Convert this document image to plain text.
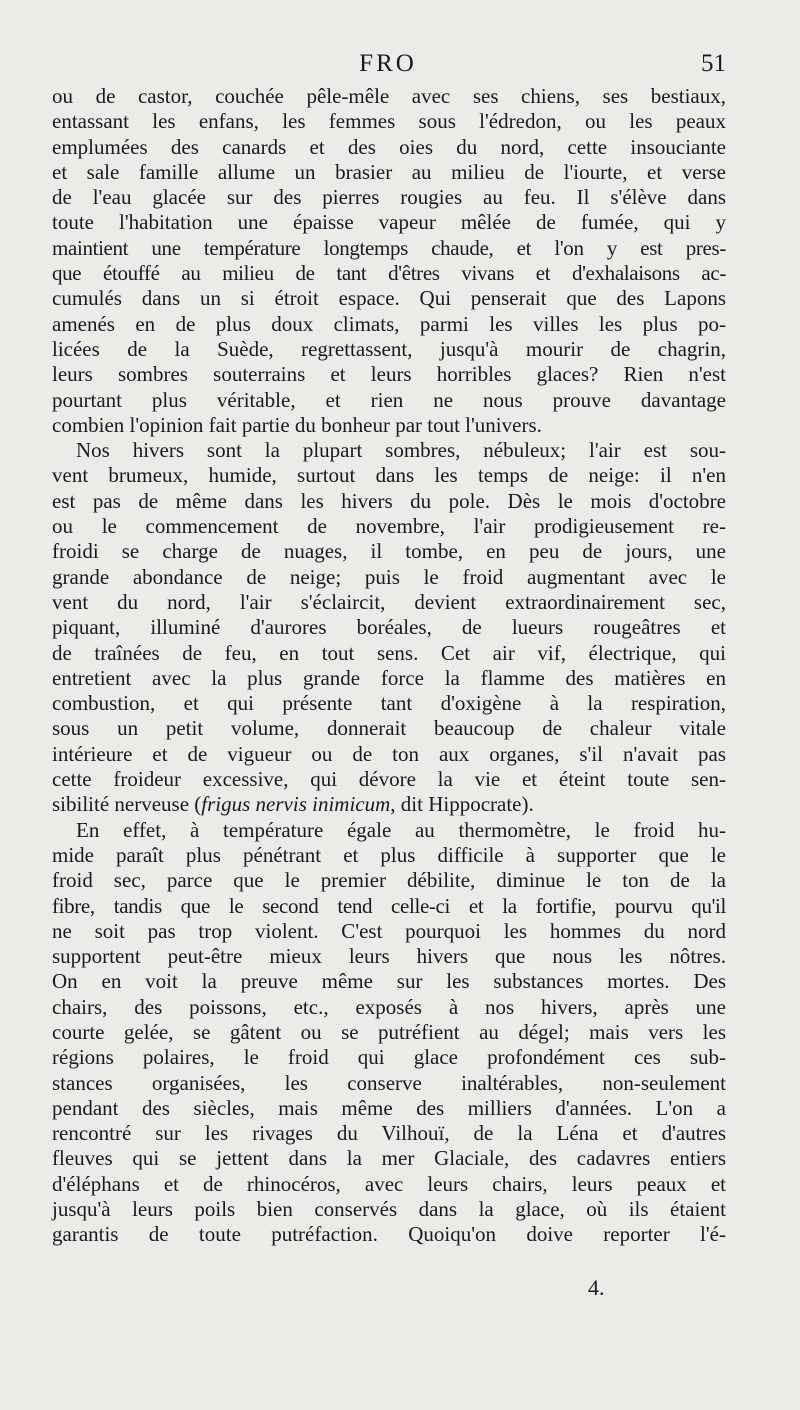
FRO	51
ou de castor, couchée pêle-mêle avec ses chiens, ses bestiaux,
entassant les enfans, les femmes sous l'édredon, ou les peaux
emplumées des canards et des oies du nord, cette insouciante
et sale famille allume un brasier au milieu de l'iourte, et verse
de l'eau glacée sur des pierres rougies au feu. Il s'élève dans
toute l'habitation une épaisse vapeur mêlée de fumée, qui y
maintient une température longtemps chaude, et l'on y est pres-
que étouffé au milieu de tant d'êtres vivans et d'exhalaisons ac-
cumulés dans un si étroit espace. Qui penserait que des Lapons
amenés en de plus doux climats, parmi les villes les plus po-
licées de la Suède, regrettassent, jusqu'à mourir de chagrin,
leurs sombres souterrains et leurs horribles glaces? Rien n'est
pourtant plus véritable, et rien ne nous prouve davantage
combien l'opinion fait partie du bonheur par tout l'univers.
Nos hivers sont la plupart sombres, nébuleux; l'air est sou-
vent brumeux, humide, surtout dans les temps de neige: il n'en
est pas de même dans les hivers du pole. Dès le mois d'octobre
ou le commencement de novembre, l'air prodigieusement re-
froidi se charge de nuages, il tombe, en peu de jours, une
grande abondance de neige; puis le froid augmentant avec le
vent du nord, l'air s'éclaircit, devient extraordinairement sec,
piquant, illuminé d'aurores boréales, de lueurs rougeâtres et
de traînées de feu, en tout sens. Cet air vif, électrique, qui
entretient avec la plus grande force la flamme des matières en
combustion, et qui présente tant d'oxigène à la respiration,
sous un petit volume, donnerait beaucoup de chaleur vitale
intérieure et de vigueur ou de ton aux organes, s'il n'avait pas
cette froideur excessive, qui dévore la vie et éteint toute sen-
sibilité nerveuse (frigus nervis inimicum, dit Hippocrate).
En effet, à température égale au thermomètre, le froid hu-
mide paraît plus pénétrant et plus difficile à supporter que le
froid sec, parce que le premier débilite, diminue le ton de la
fibre, tandis que le second tend celle-ci et la fortifie, pourvu qu'il
ne soit pas trop violent. C'est pourquoi les hommes du nord
supportent peut-être mieux leurs hivers que nous les nôtres.
On en voit la preuve même sur les substances mortes. Des
chairs, des poissons, etc., exposés à nos hivers, après une
courte gelée, se gâtent ou se putréfient au dégel; mais vers les
régions polaires, le froid qui glace profondément ces sub-
stances organisées, les conserve inaltérables, non-seulement
pendant des siècles, mais même des milliers d'années. L'on a
rencontré sur les rivages du Vilhouï, de la Léna et d'autres
fleuves qui se jettent dans la mer Glaciale, des cadavres entiers
d'éléphans et de rhinocéros, avec leurs chairs, leurs peaux et
jusqu'à leurs poils bien conservés dans la glace, où ils étaient
garantis de toute putréfaction. Quoiqu'on doive reporter l'é-
4.
